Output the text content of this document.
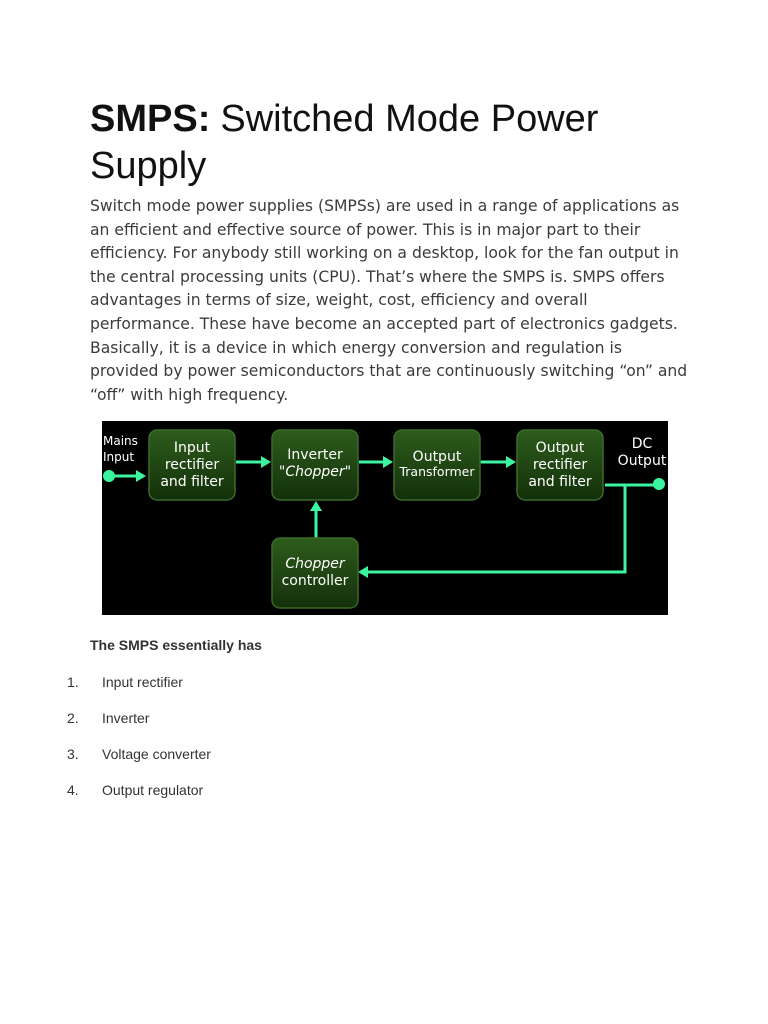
SMPS: Switched Mode Power Supply

Switch mode power supplies (SMPSs) are used in a range of applications as an efficient and effective source of power. This is in major part to their efficiency. For anybody still working on a desktop, look for the fan output in the central processing units (CPU). That’s where the SMPS is. SMPS offers advantages in terms of size, weight, cost, efficiency and overall performance. These have become an accepted part of electronics gadgets. Basically, it is a device in which energy conversion and regulation is provided by power semiconductors that are continuously switching “on” and “off” with high frequency.

Mains
Input
DC
Output
Input
rectifier
and filter
Inverter
"Chopper"
Output
Transformer
Output
rectifier
and filter
Chopper
controller

The SMPS essentially has

1. Input rectifier
2. Inverter
3. Voltage converter
4. Output regulator
